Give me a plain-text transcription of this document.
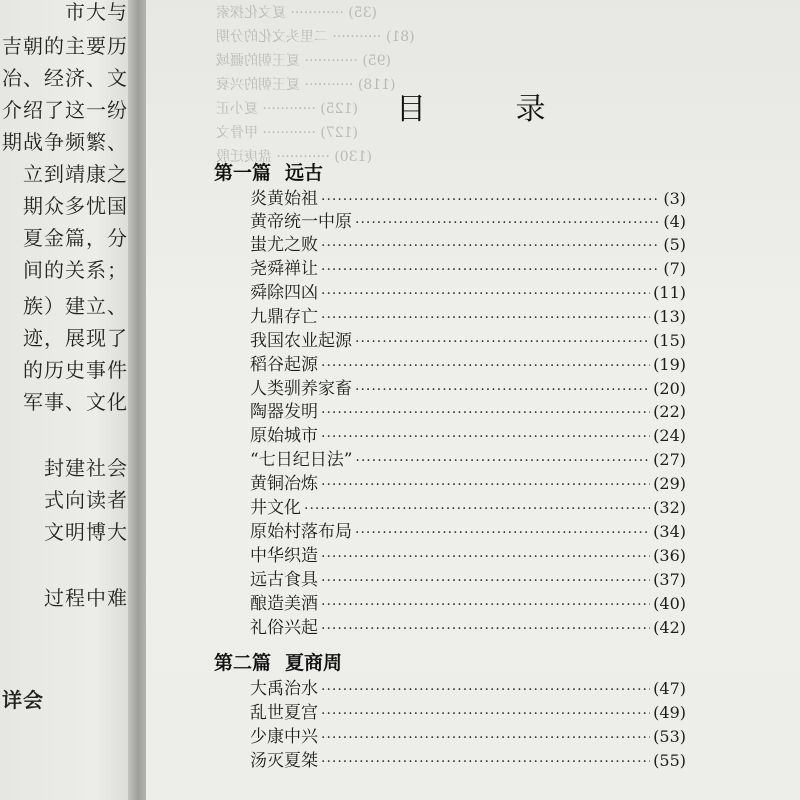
市大与
吉朝的主要历
冶、经济、文
介绍了这一纷
期战争频繁、
立到靖康之
期众多忧国
夏金篇，分
间的关系；
族）建立、
迹，展现了
的历史事件
军事、文化
封建社会
式向读者
文明博大
过程中难
详会
(35) ············ 夏文化探索
(81) ··········· 二里头文化的分期
(95) ············ 夏王朝的疆域
(118) ··········· 夏王朝的兴衰
(125) ············ 夏小正
(127) ············ 甲骨文
(130) ············ 盘庚迁殷
目 录
第一篇 远古
炎黄始祖 ·····	(3)
黄帝统一中原 ·····	(4)
蚩尤之败 ·····	(5)
尧舜禅让 ·····	(7)
舜除四凶 ·····	(11)
九鼎存亡 ·····	(13)
我国农业起源 ·····	(15)
稻谷起源 ·····	(19)
人类驯养家畜 ·····	(20)
陶器发明 ·····	(22)
原始城市 ·····	(24)
“七日纪日法” ·····	(27)
黄铜冶炼 ·····	(29)
井文化 ·····	(32)
原始村落布局 ·····	(34)
中华织造 ·····	(36)
远古食具 ·····	(37)
酿造美酒 ·····	(40)
礼俗兴起 ·····	(42)
第二篇 夏商周
大禹治水 ·····	(47)
乱世夏宫 ·····	(49)
少康中兴 ·····	(53)
汤灭夏桀 ·····	(55)
